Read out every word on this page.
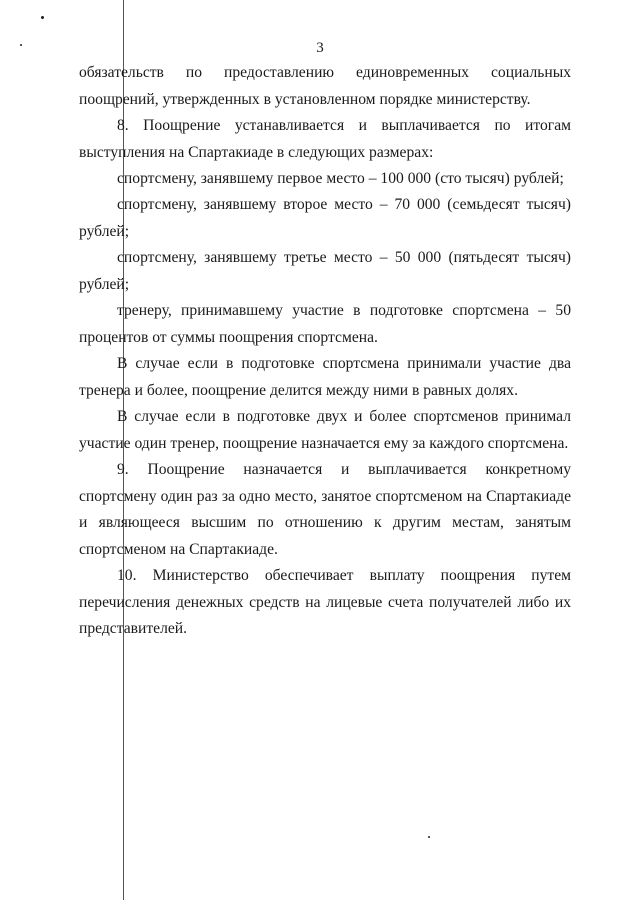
3

обязательств по предоставлению единовременных социальных поощрений, утвержденных в установленном порядке министерству.

8. Поощрение устанавливается и выплачивается по итогам выступления на Спартакиаде в следующих размерах:

спортсмену, занявшему первое место – 100 000 (сто тысяч) рублей;

спортсмену, занявшему второе место – 70 000 (семьдесят тысяч) рублей;

спортсмену, занявшему третье место – 50 000 (пятьдесят тысяч) рублей;

тренеру, принимавшему участие в подготовке спортсмена – 50 процентов от суммы поощрения спортсмена.

В случае если в подготовке спортсмена принимали участие два тренера и более, поощрение делится между ними в равных долях.

В случае если в подготовке двух и более спортсменов принимал участие один тренер, поощрение назначается ему за каждого спортсмена.

9. Поощрение назначается и выплачивается конкретному спортсмену один раз за одно место, занятое спортсменом на Спартакиаде и являющееся высшим по отношению к другим местам, занятым спортсменом на Спартакиаде.

10. Министерство обеспечивает выплату поощрения путем перечисления денежных средств на лицевые счета получателей либо их представителей.
